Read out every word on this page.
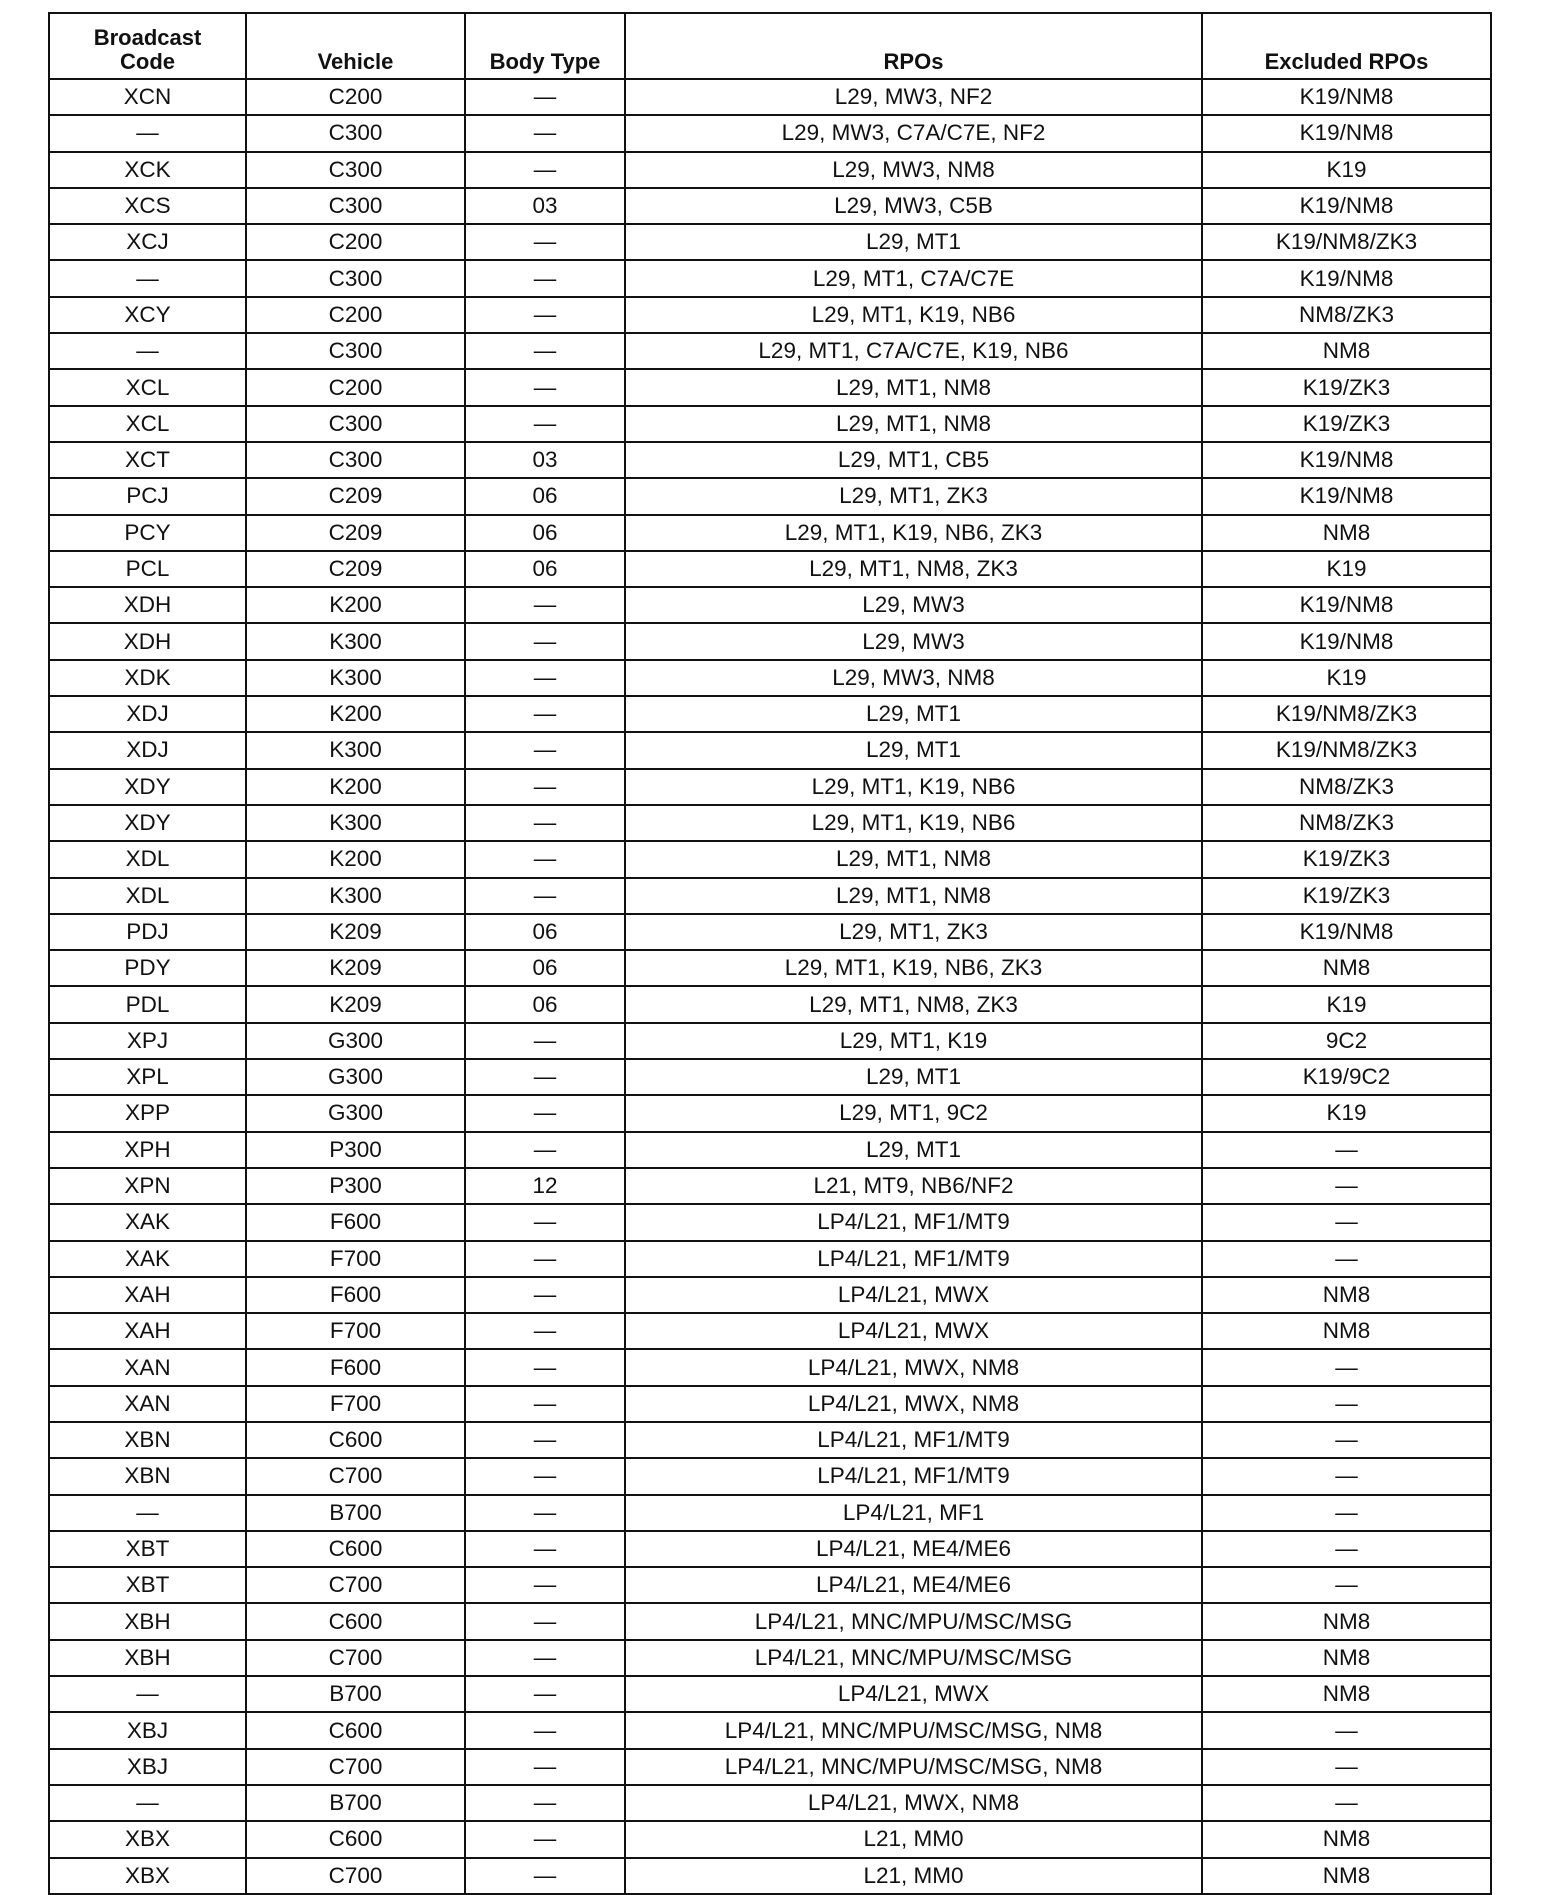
Broadcast
Code	Vehicle	Body Type	RPOs	Excluded RPOs
XCN	C200	—	L29, MW3, NF2	K19/NM8
—	C300	—	L29, MW3, C7A/C7E, NF2	K19/NM8
XCK	C300	—	L29, MW3, NM8	K19
XCS	C300	03	L29, MW3, C5B	K19/NM8
XCJ	C200	—	L29, MT1	K19/NM8/ZK3
—	C300	—	L29, MT1, C7A/C7E	K19/NM8
XCY	C200	—	L29, MT1, K19, NB6	NM8/ZK3
—	C300	—	L29, MT1, C7A/C7E, K19, NB6	NM8
XCL	C200	—	L29, MT1, NM8	K19/ZK3
XCL	C300	—	L29, MT1, NM8	K19/ZK3
XCT	C300	03	L29, MT1, CB5	K19/NM8
PCJ	C209	06	L29, MT1, ZK3	K19/NM8
PCY	C209	06	L29, MT1, K19, NB6, ZK3	NM8
PCL	C209	06	L29, MT1, NM8, ZK3	K19
XDH	K200	—	L29, MW3	K19/NM8
XDH	K300	—	L29, MW3	K19/NM8
XDK	K300	—	L29, MW3, NM8	K19
XDJ	K200	—	L29, MT1	K19/NM8/ZK3
XDJ	K300	—	L29, MT1	K19/NM8/ZK3
XDY	K200	—	L29, MT1, K19, NB6	NM8/ZK3
XDY	K300	—	L29, MT1, K19, NB6	NM8/ZK3
XDL	K200	—	L29, MT1, NM8	K19/ZK3
XDL	K300	—	L29, MT1, NM8	K19/ZK3
PDJ	K209	06	L29, MT1, ZK3	K19/NM8
PDY	K209	06	L29, MT1, K19, NB6, ZK3	NM8
PDL	K209	06	L29, MT1, NM8, ZK3	K19
XPJ	G300	—	L29, MT1, K19	9C2
XPL	G300	—	L29, MT1	K19/9C2
XPP	G300	—	L29, MT1, 9C2	K19
XPH	P300	—	L29, MT1	—
XPN	P300	12	L21, MT9, NB6/NF2	—
XAK	F600	—	LP4/L21, MF1/MT9	—
XAK	F700	—	LP4/L21, MF1/MT9	—
XAH	F600	—	LP4/L21, MWX	NM8
XAH	F700	—	LP4/L21, MWX	NM8
XAN	F600	—	LP4/L21, MWX, NM8	—
XAN	F700	—	LP4/L21, MWX, NM8	—
XBN	C600	—	LP4/L21, MF1/MT9	—
XBN	C700	—	LP4/L21, MF1/MT9	—
—	B700	—	LP4/L21, MF1	—
XBT	C600	—	LP4/L21, ME4/ME6	—
XBT	C700	—	LP4/L21, ME4/ME6	—
XBH	C600	—	LP4/L21, MNC/MPU/MSC/MSG	NM8
XBH	C700	—	LP4/L21, MNC/MPU/MSC/MSG	NM8
—	B700	—	LP4/L21, MWX	NM8
XBJ	C600	—	LP4/L21, MNC/MPU/MSC/MSG, NM8	—
XBJ	C700	—	LP4/L21, MNC/MPU/MSC/MSG, NM8	—
—	B700	—	LP4/L21, MWX, NM8	—
XBX	C600	—	L21, MM0	NM8
XBX	C700	—	L21, MM0	NM8
